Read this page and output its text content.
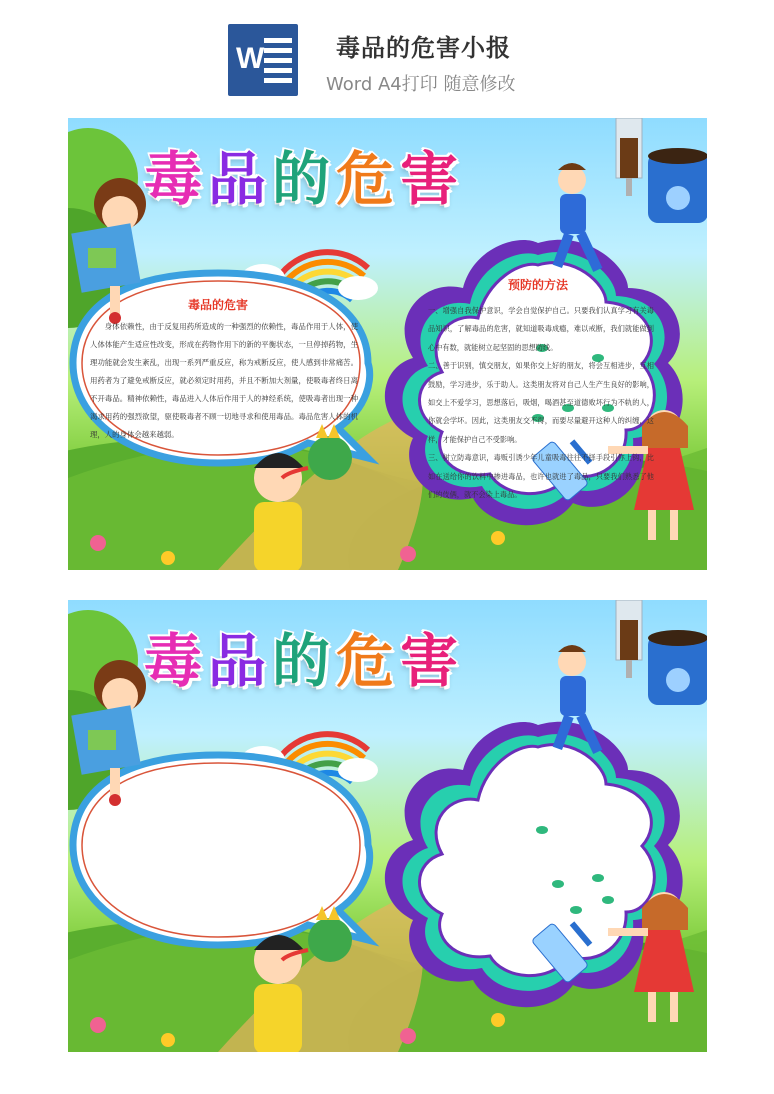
W	毒品的危害小报
Word A4打印 随意修改
毒 品 的 危 害
毒品的危害
身体依赖性，由于反复用药所造成的一种强烈的依赖性，毒品作用于人体，使人体体能产生适应性改变，形成在药物作用下的新的平衡状态，一旦停掉药物，生理功能就会发生紊乱，出现一系列严重反应，称为戒断反应，使人感到非常痛苦。用药者为了避免戒断反应，就必须定时用药，并且不断加大剂量，使吸毒者终日离不开毒品。精神依赖性，毒品进入人体后作用于人的神经系统，使吸毒者出现一种渴求用药的强烈欲望，驱使吸毒者不顾一切地寻求和使用毒品。毒品危害人体的机理，人的身体会越来越弱。
预防的方法

一、增强自我保护意识，学会自觉保护自己。只要我们认真学习有关毒品知识，了解毒品的危害，就知道吸毒成瘾，难以戒断，我们就能做到心中有数，就能树立起坚固的思想防线。

二、善于识别，慎交朋友，如果你交上好的朋友，将会互相进步，互相鼓励，学习进步，乐于助人。这类朋友将对自己人生产生良好的影响，如交上不爱学习，思想落后，吸烟，喝酒甚至道德败坏行为不轨的人，你就会学坏。因此，这类朋友交不得，而要尽量避开这种人的纠缠，这样，才能保护自己不受影响。

三、树立防毒意识，毒贩引诱少年儿童吸毒往往不择手段引你上钩，比如在送给你的饮料中掺进毒品，也许也就进了毒品，只要我们熟悉了他们的伎俩，就不会染上毒品。

毒 品 的 危 害
